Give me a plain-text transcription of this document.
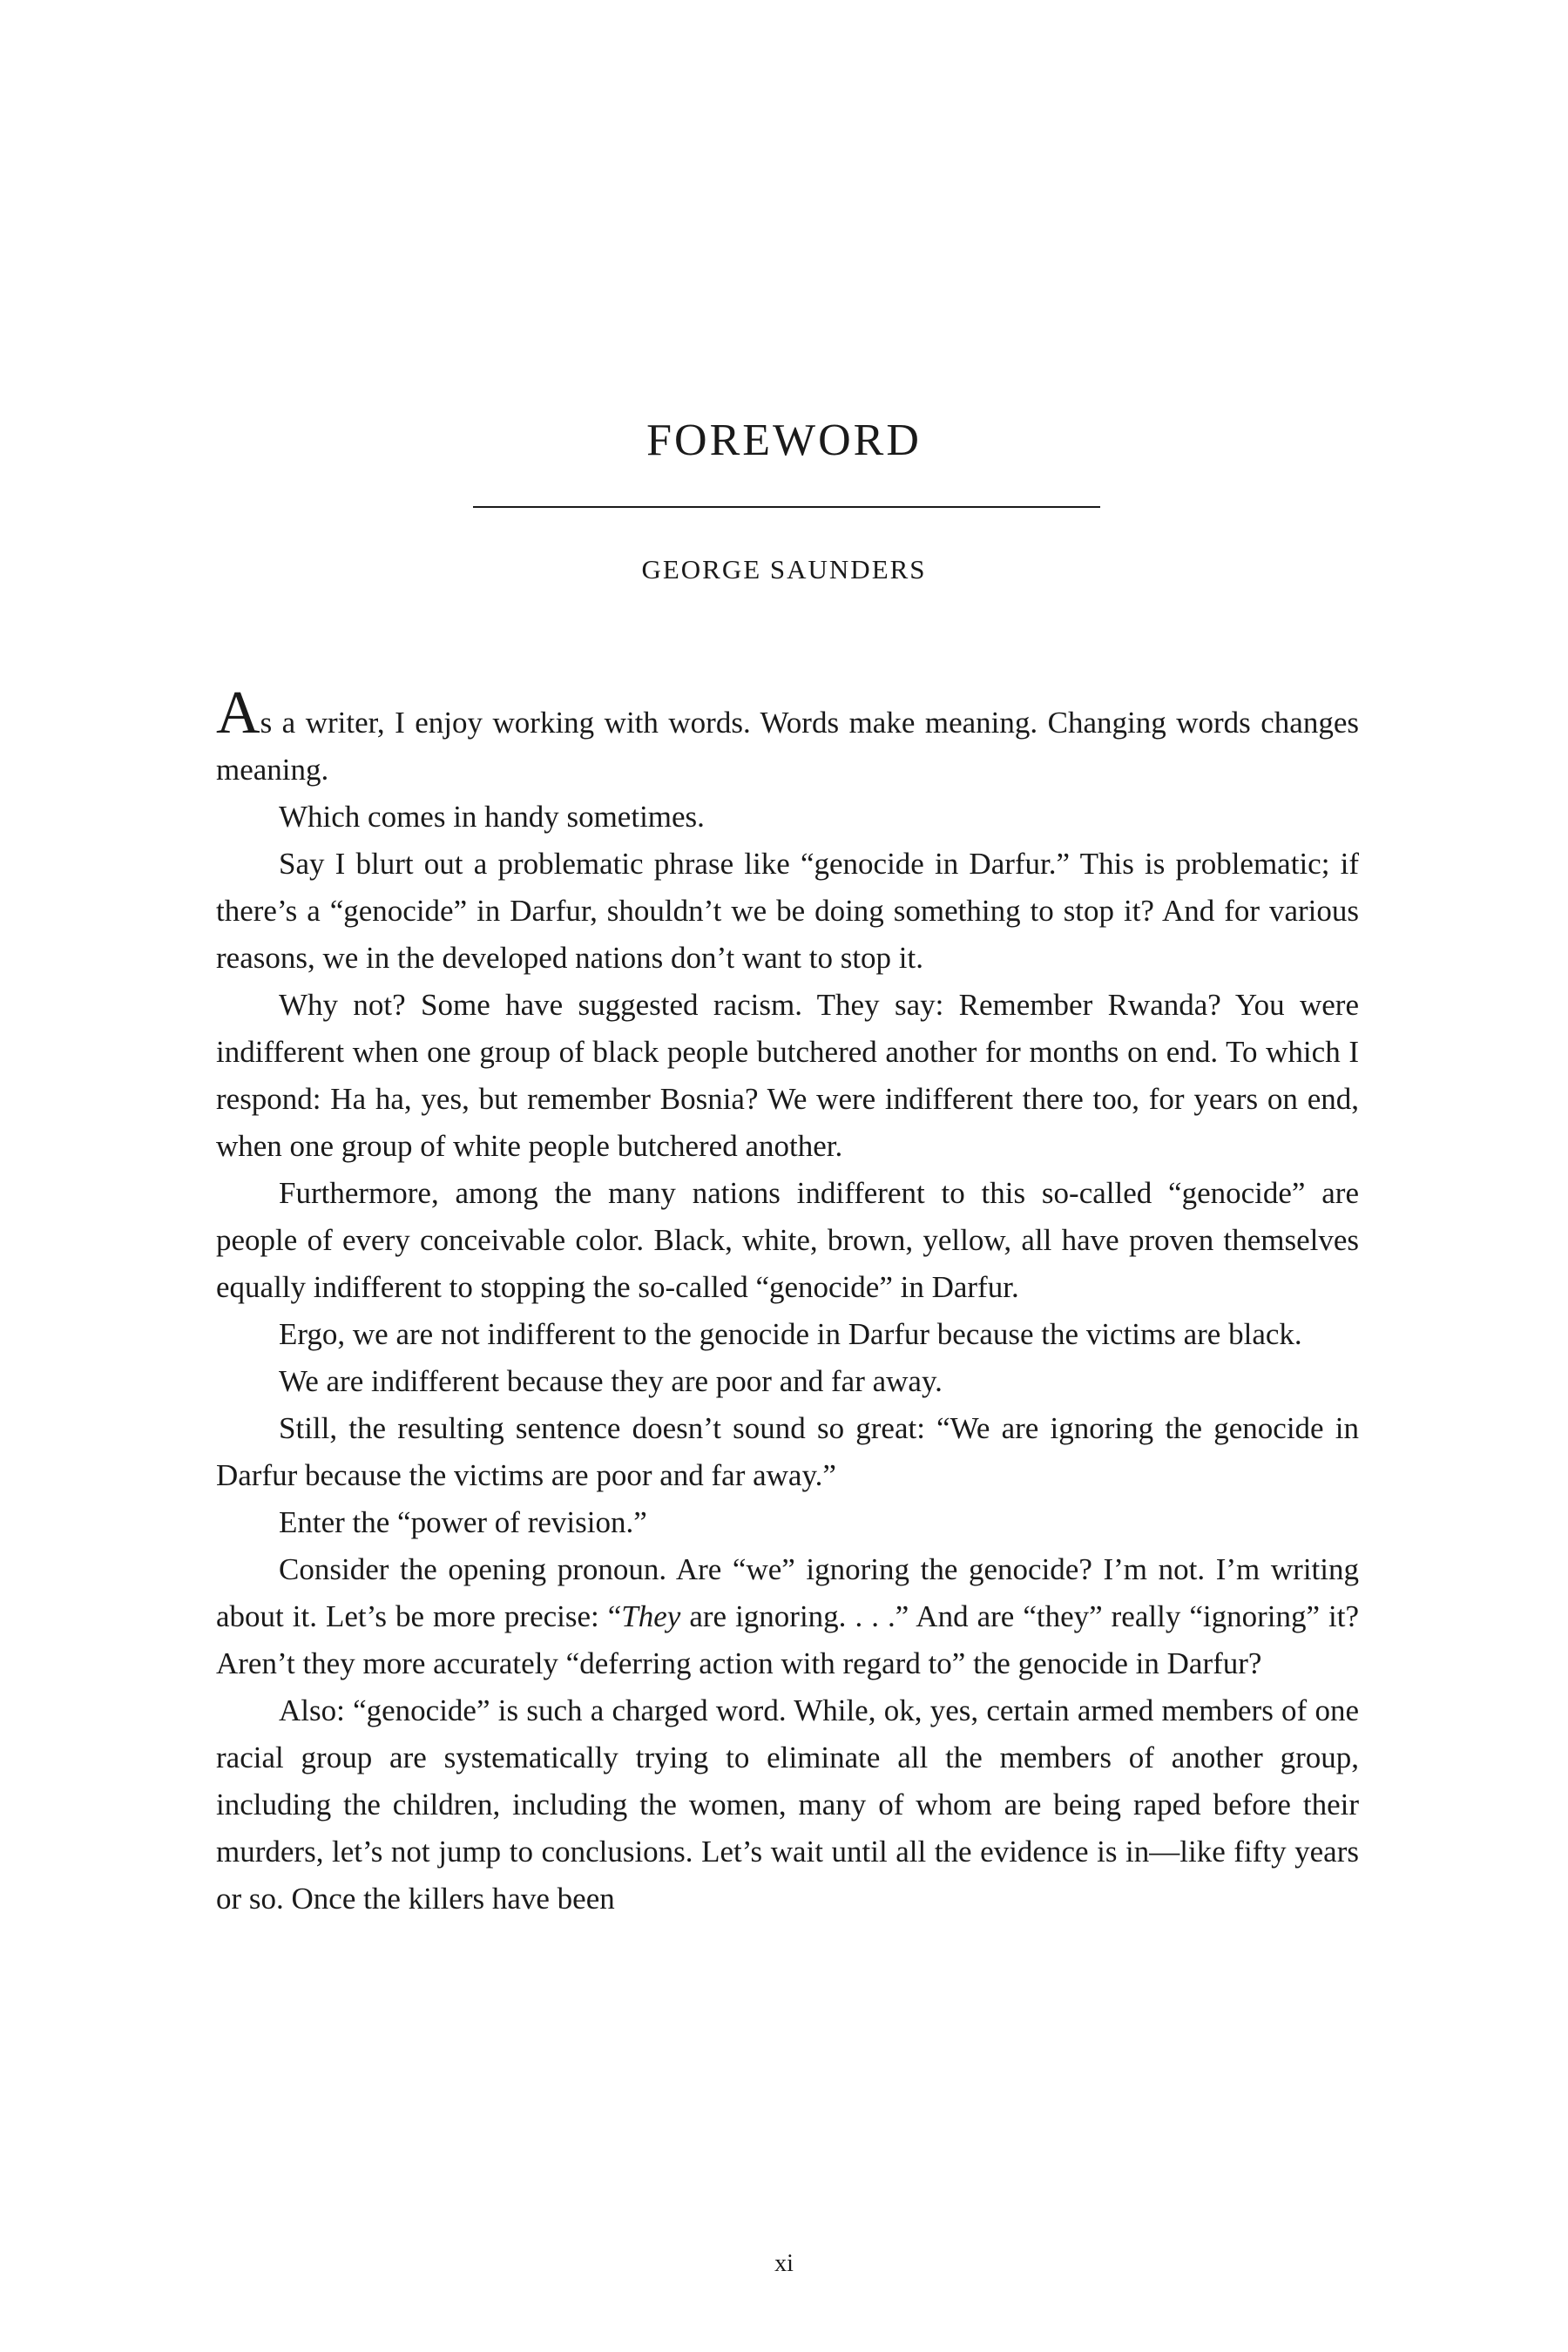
FOREWORD
GEORGE SAUNDERS

As a writer, I enjoy working with words. Words make meaning. Changing words changes meaning.

Which comes in handy sometimes.

Say I blurt out a problematic phrase like “genocide in Darfur.” This is problematic; if there’s a “genocide” in Darfur, shouldn’t we be doing something to stop it? And for various reasons, we in the developed nations don’t want to stop it.

Why not? Some have suggested racism. They say: Remember Rwanda? You were indifferent when one group of black people butchered another for months on end. To which I respond: Ha ha, yes, but remember Bosnia? We were indifferent there too, for years on end, when one group of white people butchered another.

Furthermore, among the many nations indifferent to this so-called “genocide” are people of every conceivable color. Black, white, brown, yellow, all have proven themselves equally indifferent to stopping the so-called “genocide” in Darfur.

Ergo, we are not indifferent to the genocide in Darfur because the victims are black.

We are indifferent because they are poor and far away.

Still, the resulting sentence doesn’t sound so great: “We are ignoring the genocide in Darfur because the victims are poor and far away.”

Enter the “power of revision.”

Consider the opening pronoun. Are “we” ignoring the genocide? I’m not. I’m writing about it. Let’s be more precise: “They are ignoring. . . .” And are “they” really “ignoring” it? Aren’t they more accurately “deferring action with regard to” the genocide in Darfur?

Also: “genocide” is such a charged word. While, ok, yes, certain armed members of one racial group are systematically trying to eliminate all the members of another group, including the children, including the women, many of whom are being raped before their murders, let’s not jump to conclusions. Let’s wait until all the evidence is in—like fifty years or so. Once the killers have been

xi
